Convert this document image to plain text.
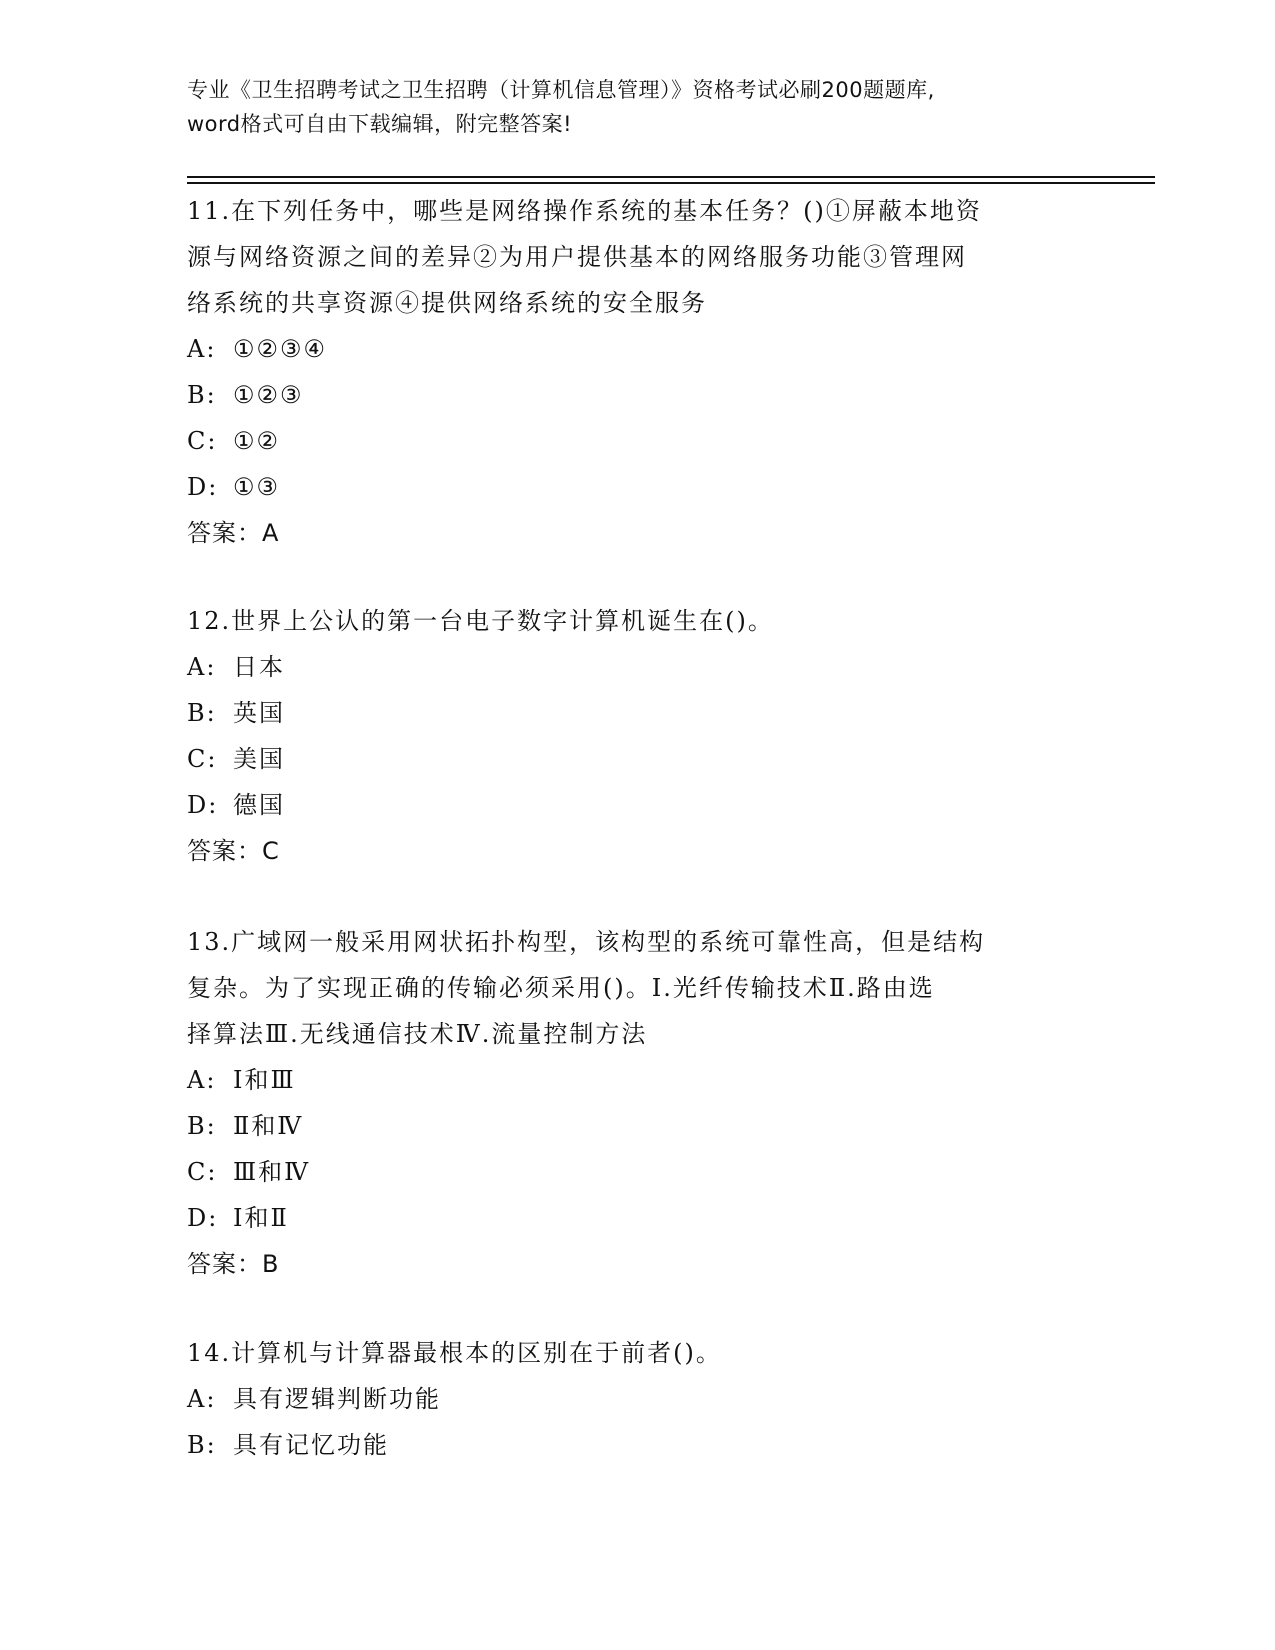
专业《卫生招聘考试之卫生招聘（计算机信息管理）》资格考试必刷200题题库,
word格式可自由下载编辑，附完整答案!

11.在下列任务中，哪些是网络操作系统的基本任务？()①屏蔽本地资

源与网络资源之间的差异②为用户提供基本的网络服务功能③管理网

络系统的共享资源④提供网络系统的安全服务

A: ①②③④

B: ①②③

C: ①②

D: ①③

答案：A

12.世界上公认的第一台电子数字计算机诞生在()。

A: 日本

B: 英国

C: 美国

D: 德国

答案：C

13.广域网一般采用网状拓扑构型，该构型的系统可靠性高，但是结构

复杂。为了实现正确的传输必须采用()。Ⅰ.光纤传输技术Ⅱ.路由选

择算法Ⅲ.无线通信技术Ⅳ.流量控制方法

A: Ⅰ和Ⅲ

B: Ⅱ和Ⅳ

C: Ⅲ和Ⅳ

D: Ⅰ和Ⅱ

答案：B

14.计算机与计算器最根本的区别在于前者()。

A: 具有逻辑判断功能

B: 具有记忆功能
